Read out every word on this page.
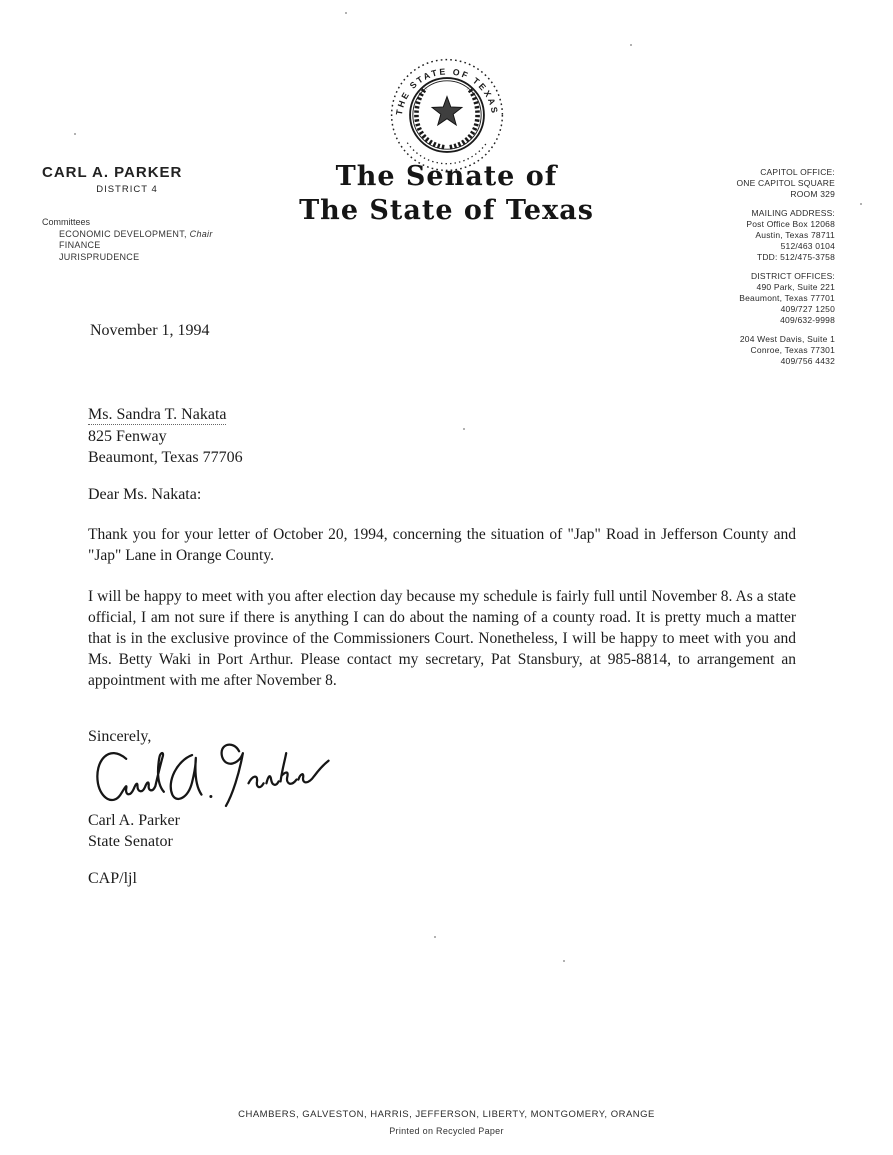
THE STATE OF TEXAS
The Senate of
The State of Texas
CARL A. PARKER
DISTRICT 4
Committees
ECONOMIC DEVELOPMENT, Chair
FINANCE
JURISPRUDENCE
CAPITOL OFFICE:
ONE CAPITOL SQUARE
ROOM 329
MAILING ADDRESS:
Post Office Box 12068
Austin, Texas 78711
512/463 0104
TDD: 512/475-3758
DISTRICT OFFICES:
490 Park, Suite 221
Beaumont, Texas 77701
409/727 1250
409/632-9998
204 West Davis, Suite 1
Conroe, Texas 77301
409/756 4432
November 1, 1994
Ms. Sandra T. Nakata
825 Fenway
Beaumont, Texas 77706
Dear Ms. Nakata:
Thank you for your letter of October 20, 1994, concerning the situation of "Jap" Road in Jefferson County and "Jap" Lane in Orange County.
I will be happy to meet with you after election day because my schedule is fairly full until November 8. As a state official, I am not sure if there is anything I can do about the naming of a county road. It is pretty much a matter that is in the exclusive province of the Commissioners Court. Nonetheless, I will be happy to meet with you and Ms. Betty Waki in Port Arthur. Please contact my secretary, Pat Stansbury, at 985-8814, to arrangement an appointment with me after November 8.
Sincerely,
Carl A. Parker
State Senator
CAP/ljl
CHAMBERS, GALVESTON, HARRIS, JEFFERSON, LIBERTY, MONTGOMERY, ORANGE
Printed on Recycled Paper
